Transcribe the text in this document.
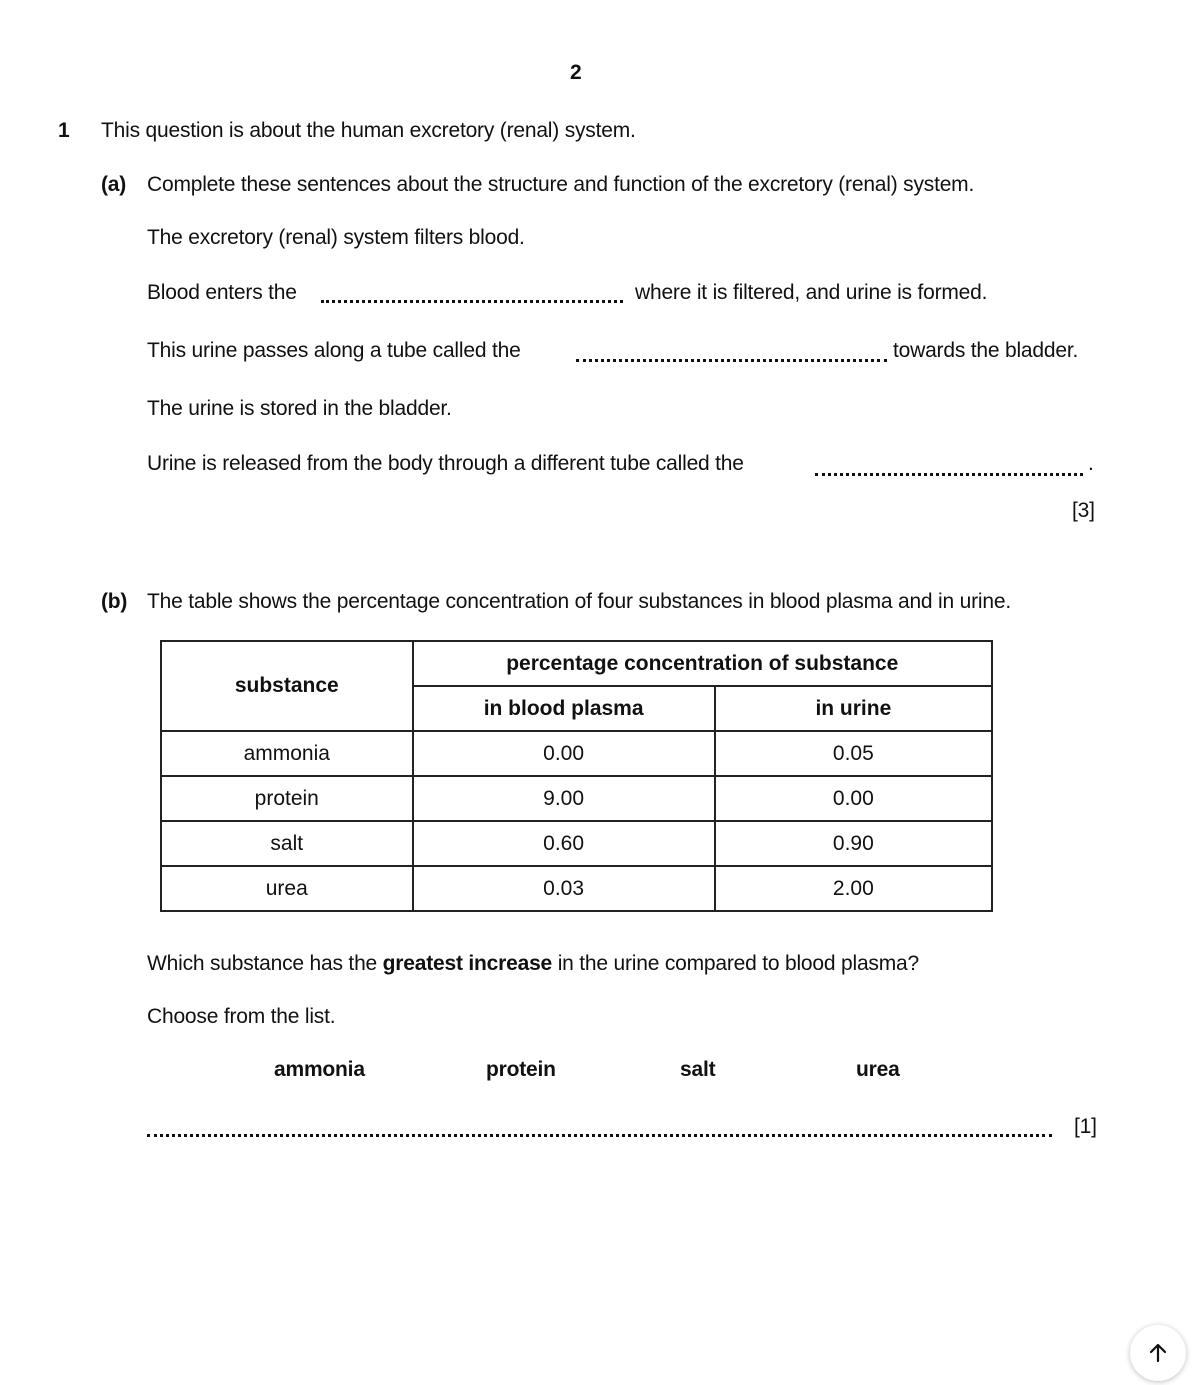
2
1 This question is about the human excretory (renal) system.
(a) Complete these sentences about the structure and function of the excretory (renal) system.
The excretory (renal) system filters blood.
Blood enters the	where it is filtered, and urine is formed.
This urine passes along a tube called the	towards the bladder.
The urine is stored in the bladder.
Urine is released from the body through a different tube called the	.
[3]
(b) The table shows the percentage concentration of four substances in blood plasma and in urine.
substance	percentage concentration of substance	
	in blood plasma	in urine
ammonia	0.00	0.05
protein	9.00	0.00
salt	0.60	0.90
urea	0.03	2.00
Which substance has the greatest increase in the urine compared to blood plasma?
Choose from the list.
ammonia	protein	salt	urea
[1]
